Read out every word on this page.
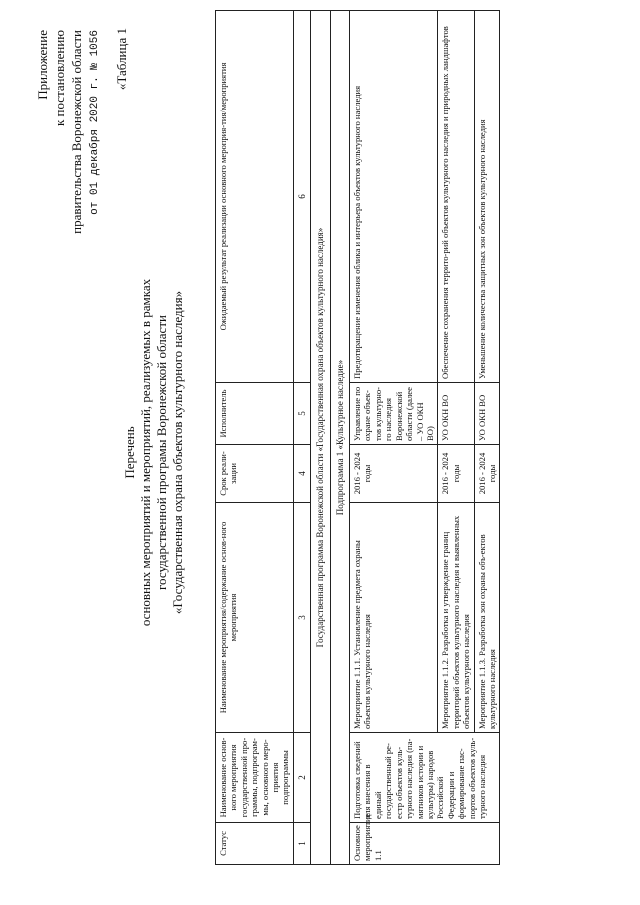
Приложение к постановлению правительства Воронежской области от 01 декабря 2020 г. № 1056 «Таблица 1
Перечень основных мероприятий и мероприятий, реализуемых в рамках государственной програмы Воронежской области «Государственная охрана объектов культурного наследия»
Статус	Наименование основ-ного мероприятия государственной про-граммы, подпрограм-мы, основного меро-приятия подпрограммы	Наименование мероприятия/содержание основ-ного мероприятия	Срок реали-зации	Исполнитель	Ожидаемый результат реализации основного мероприя-тия/мероприятия
1	2	3	4	5	6
Государственная программа Воронежской области «Государственная охрана объектов культурного наследия»					
Подпрограмма 1 «Культурное наследие»					
Основное мероприятие 1.1	Подготовка сведений для внесения в единый государственный ре-естр объектов куль-турного наследия (па-мятников истории и культуры) народов Российской Федерации и формирование пас-портов объектов куль-турного наследия	Мероприятие 1.1.1. Установление предмета охраны объектов культурного наследия	2016 - 2024 годы	Управление по охране объек-тов культурно-го наследия Воронежской области (далее – УО ОКН ВО)	Предотвращение изменения облика и интерьера объектов культурного наследия
		Мероприятие 1.1.2. Разработка и утверждение границ территорий объектов культурного наследия и выявленных объектов культурного наследия	2016 - 2024 годы	УО ОКН ВО	Обеспечение сохранения террито-рий объектов культурного наследия и природных ландшафтов
		Мероприятие 1.1.3. Разработка зон охраны объ-ектов культурного наследия	2016 - 2024 годы	УО ОКН ВО	Уменьшение количества защитных зон объектов культурного наследия
